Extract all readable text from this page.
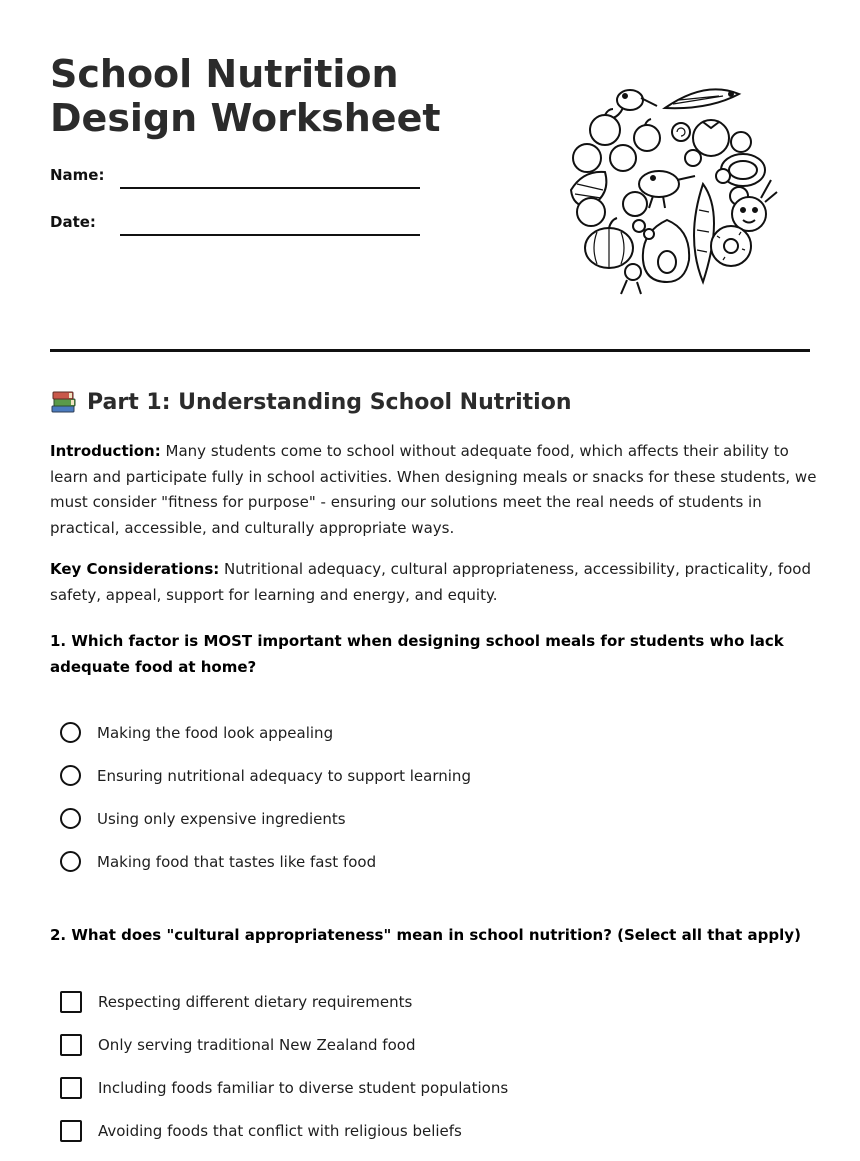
School Nutrition Design Worksheet
Name:
Date:
Part 1: Understanding School Nutrition

Introduction: Many students come to school without adequate food, which affects their ability to learn and participate fully in school activities. When designing meals or snacks for these students, we must consider "fitness for purpose" - ensuring our solutions meet the real needs of students in practical, accessible, and culturally appropriate ways.

Key Considerations: Nutritional adequacy, cultural appropriateness, accessibility, practicality, food safety, appeal, support for learning and energy, and equity.

1. Which factor is MOST important when designing school meals for students who lack adequate food at home?

Making the food look appealing
Ensuring nutritional adequacy to support learning
Using only expensive ingredients
Making food that tastes like fast food

2. What does "cultural appropriateness" mean in school nutrition? (Select all that apply)

Respecting different dietary requirements
Only serving traditional New Zealand food
Including foods familiar to diverse student populations
Avoiding foods that conflict with religious beliefs
